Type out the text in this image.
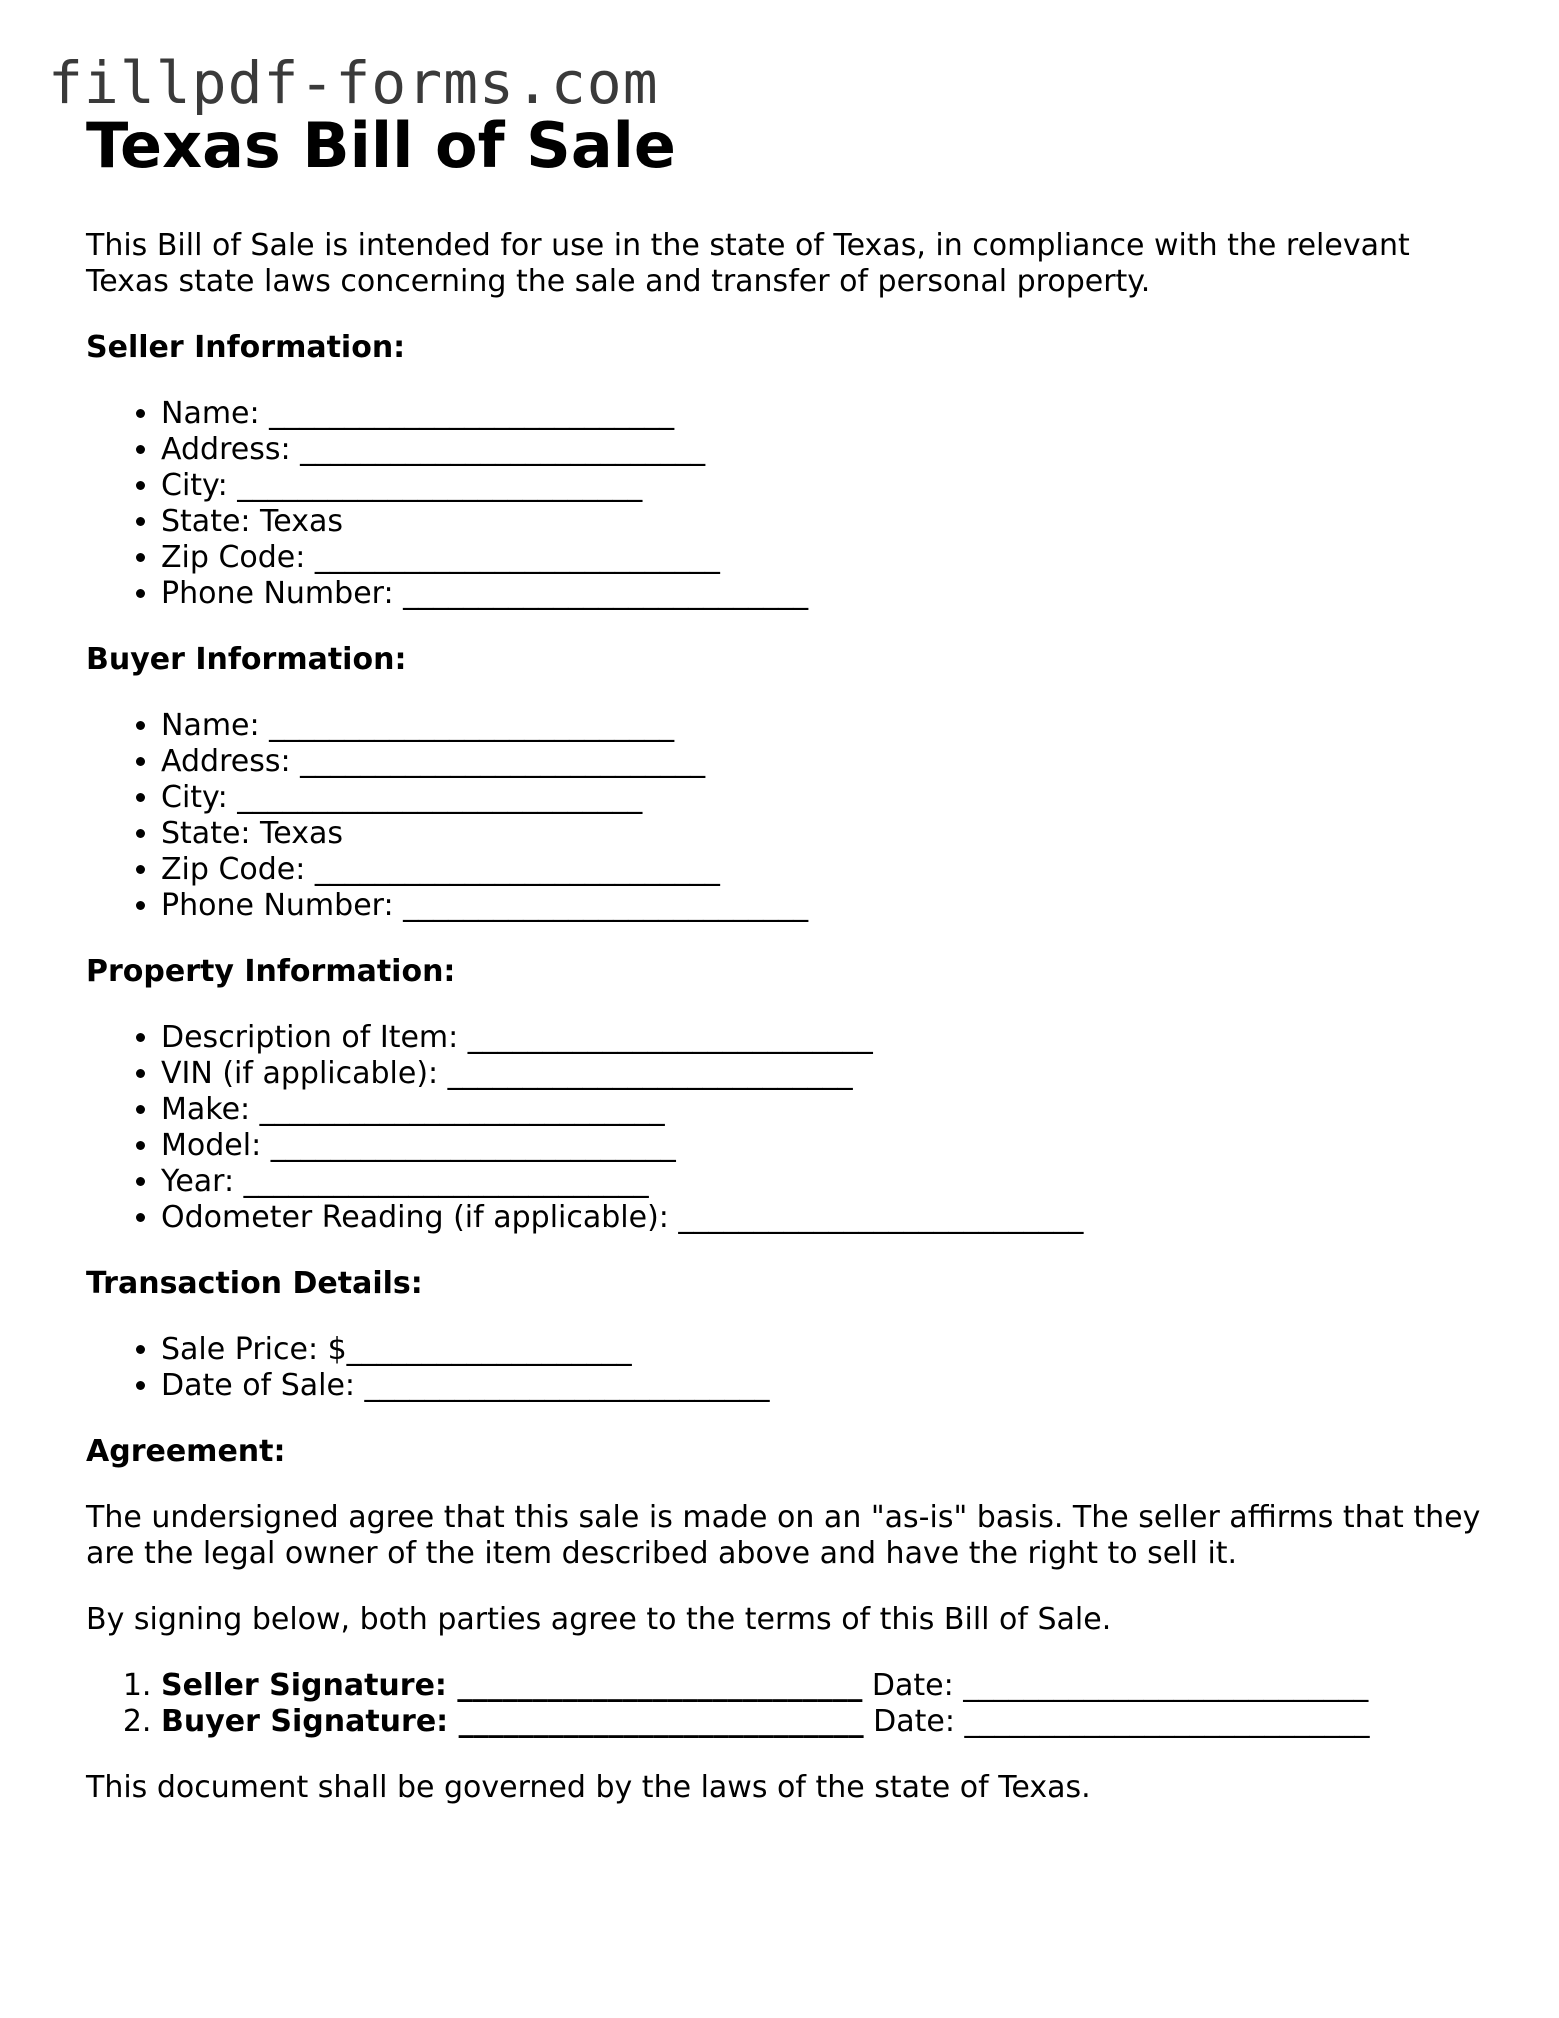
fillpdf-forms.com
Texas Bill of Sale

This Bill of Sale is intended for use in the state of Texas, in compliance with the relevant Texas state laws concerning the sale and transfer of personal property.

Seller Information:

• Name: ___________________________
• Address: ___________________________
• City: ___________________________
• State: Texas
• Zip Code: ___________________________
• Phone Number: ___________________________

Buyer Information:

• Name: ___________________________
• Address: ___________________________
• City: ___________________________
• State: Texas
• Zip Code: ___________________________
• Phone Number: ___________________________

Property Information:

• Description of Item: ___________________________
• VIN (if applicable): ___________________________
• Make: ___________________________
• Model: ___________________________
• Year: ___________________________
• Odometer Reading (if applicable): ___________________________

Transaction Details:

• Sale Price: $___________________
• Date of Sale: ___________________________

Agreement:

The undersigned agree that this sale is made on an "as-is" basis. The seller affirms that they are the legal owner of the item described above and have the right to sell it.

By signing below, both parties agree to the terms of this Bill of Sale.

1. Seller Signature: ___________________________ Date: ___________________________
2. Buyer Signature: ___________________________ Date: ___________________________

This document shall be governed by the laws of the state of Texas.
